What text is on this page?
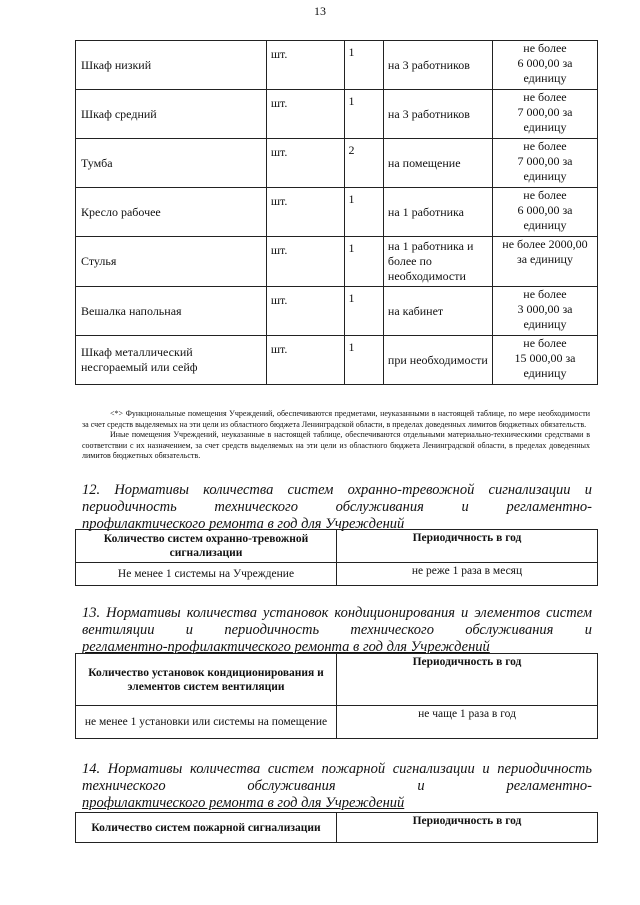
13
Шкаф низкий	шт.	1	на 3 работников	не более
6 000,00 за
единицу

Шкаф средний	шт.	1	на 3 работников	не более
7 000,00 за
единицу

Тумба	шт.	2	на помещение	не более
7 000,00 за
единицу

Кресло рабочее	шт.	1	на 1 работника	не более
6 000,00 за
единицу

Стулья	шт.	1	на 1 работника и более по необходимости	не более 2000,00
за единицу

Вешалка напольная	шт.	1	на кабинет	не более
3 000,00 за
единицу

Шкаф металлический несгораемый или сейф	шт.	1	при необходимости	не более
15 000,00 за
единицу

<*> Функциональные помещения Учреждений, обеспечиваются предметами, неуказанными в настоящей таблице, по мере необходимости за счет средств выделяемых на эти цели из областного бюджета Ленинградской области, в пределах доведенных лимитов бюджетных обязательств.

Иные помещения Учреждений, неуказанные в настоящей таблице, обеспечиваются отдельными материально-техническими средствами в соответствии с их назначением, за счет средств выделяемых на эти цели из областного бюджета Ленинградской области, в пределах доведенных лимитов бюджетных обязательств.

12. Нормативы количества систем охранно-тревожной сигнализации и периодичность технического обслуживания и регламентно-
профилактического ремонта в год для Учреждений
Количество систем охранно-тревожной сигнализации	Периодичность в год
Не менее 1 системы на Учреждение	не реже 1 раза в месяц
13. Нормативы количества установок кондиционирования и элементов систем вентиляции и периодичность технического обслуживания и
регламентно-профилактического ремонта в год для Учреждений
Количество установок кондиционирования и элементов систем вентиляции	Периодичность в год
не менее 1 установки или системы на помещение	не чаще 1 раза в год
14. Нормативы количества систем пожарной сигнализации и периодичность технического обслуживания и регламентно-
профилактического ремонта в год для Учреждений
Количество систем пожарной сигнализации	Периодичность в год
